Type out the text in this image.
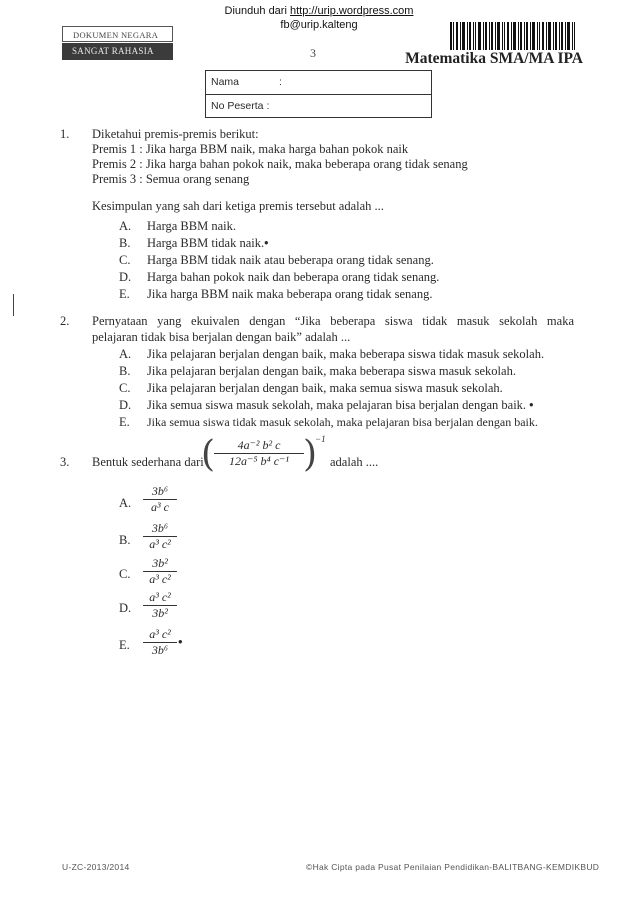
Diunduh dari http://urip.wordpress.com
fb@urip.kalteng
DOKUMEN NEGARA
SANGAT RAHASIA	3	Matematika SMA/MA IPA
Nama	:
No Peserta :
1. Diketahui premis-premis berikut:
Premis 1 : Jika harga BBM naik, maka harga bahan pokok naik
Premis 2 : Jika harga bahan pokok naik, maka beberapa orang tidak senang
Premis 3 : Semua orang senang
Kesimpulan yang sah dari ketiga premis tersebut adalah ...
A. Harga BBM naik.
B. Harga BBM tidak naik.•
C. Harga BBM tidak naik atau beberapa orang tidak senang.
D. Harga bahan pokok naik dan beberapa orang tidak senang.
E. Jika harga BBM naik maka beberapa orang tidak senang.
2. Pernyataan yang ekuivalen dengan “Jika beberapa siswa tidak masuk sekolah maka
pelajaran tidak bisa berjalan dengan baik” adalah ...
A. Jika pelajaran berjalan dengan baik, maka beberapa siswa tidak masuk sekolah.
B. Jika pelajaran berjalan dengan baik, maka beberapa siswa masuk sekolah.
C. Jika pelajaran berjalan dengan baik, maka semua siswa masuk sekolah.
D. Jika semua siswa masuk sekolah, maka pelajaran bisa berjalan dengan baik. •
E. Jika semua siswa tidak masuk sekolah, maka pelajaran bisa berjalan dengan baik.
3. Bentuk sederhana dari
(
$\frac{\text{4a⁻² b² c}}{\text{12a⁻⁵ b⁴ c⁻¹}}$ )
−1
adalah ....
A. $\frac{\text{3b⁶}}{\text{a³ c}}$
B. $\frac{\text{3b⁶}}{\text{a³ c²}}$
C. $\frac{\text{3b²}}{\text{a³ c²}}$
D. $\frac{\text{a³ c²}}{\text{3b²}}$
E. $\frac{\text{a³ c²}}{\text{3b⁶}}$ •
U-ZC-2013/2014	©Hak Cipta pada Pusat Penilaian Pendidikan-BALITBANG-KEMDIKBUD
